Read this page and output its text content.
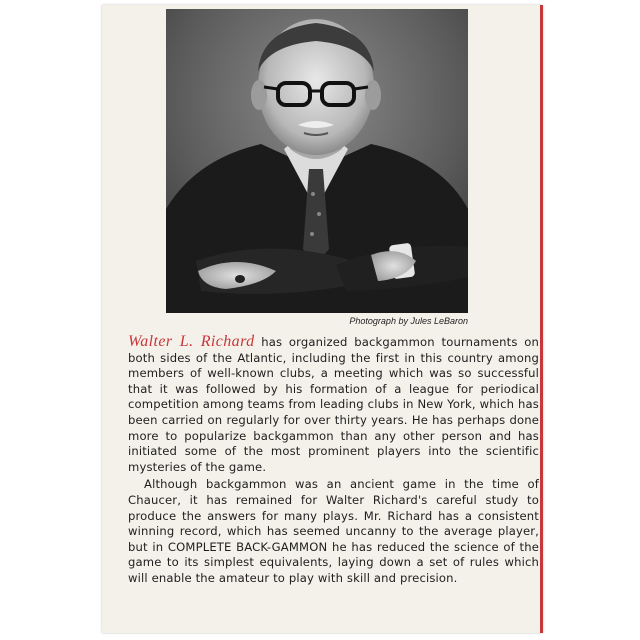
Photograph by Jules LeBaron

Walter L. Richard has organized backgammon tournaments on both sides of the Atlantic, including the first in this country among members of well-known clubs, a meeting which was so successful that it was followed by his formation of a league for periodical competition among teams from leading clubs in New York, which has been carried on regularly for over thirty years. He has perhaps done more to popularize backgammon than any other person and has initiated some of the most prominent players into the scientific mysteries of the game.

Although backgammon was an ancient game in the time of Chaucer, it has remained for Walter Richard's careful study to produce the answers for many plays. Mr. Richard has a consistent winning record, which has seemed uncanny to the average player, but in COMPLETE BACK-GAMMON he has reduced the science of the game to its simplest equivalents, laying down a set of rules which will enable the amateur to play with skill and precision.
